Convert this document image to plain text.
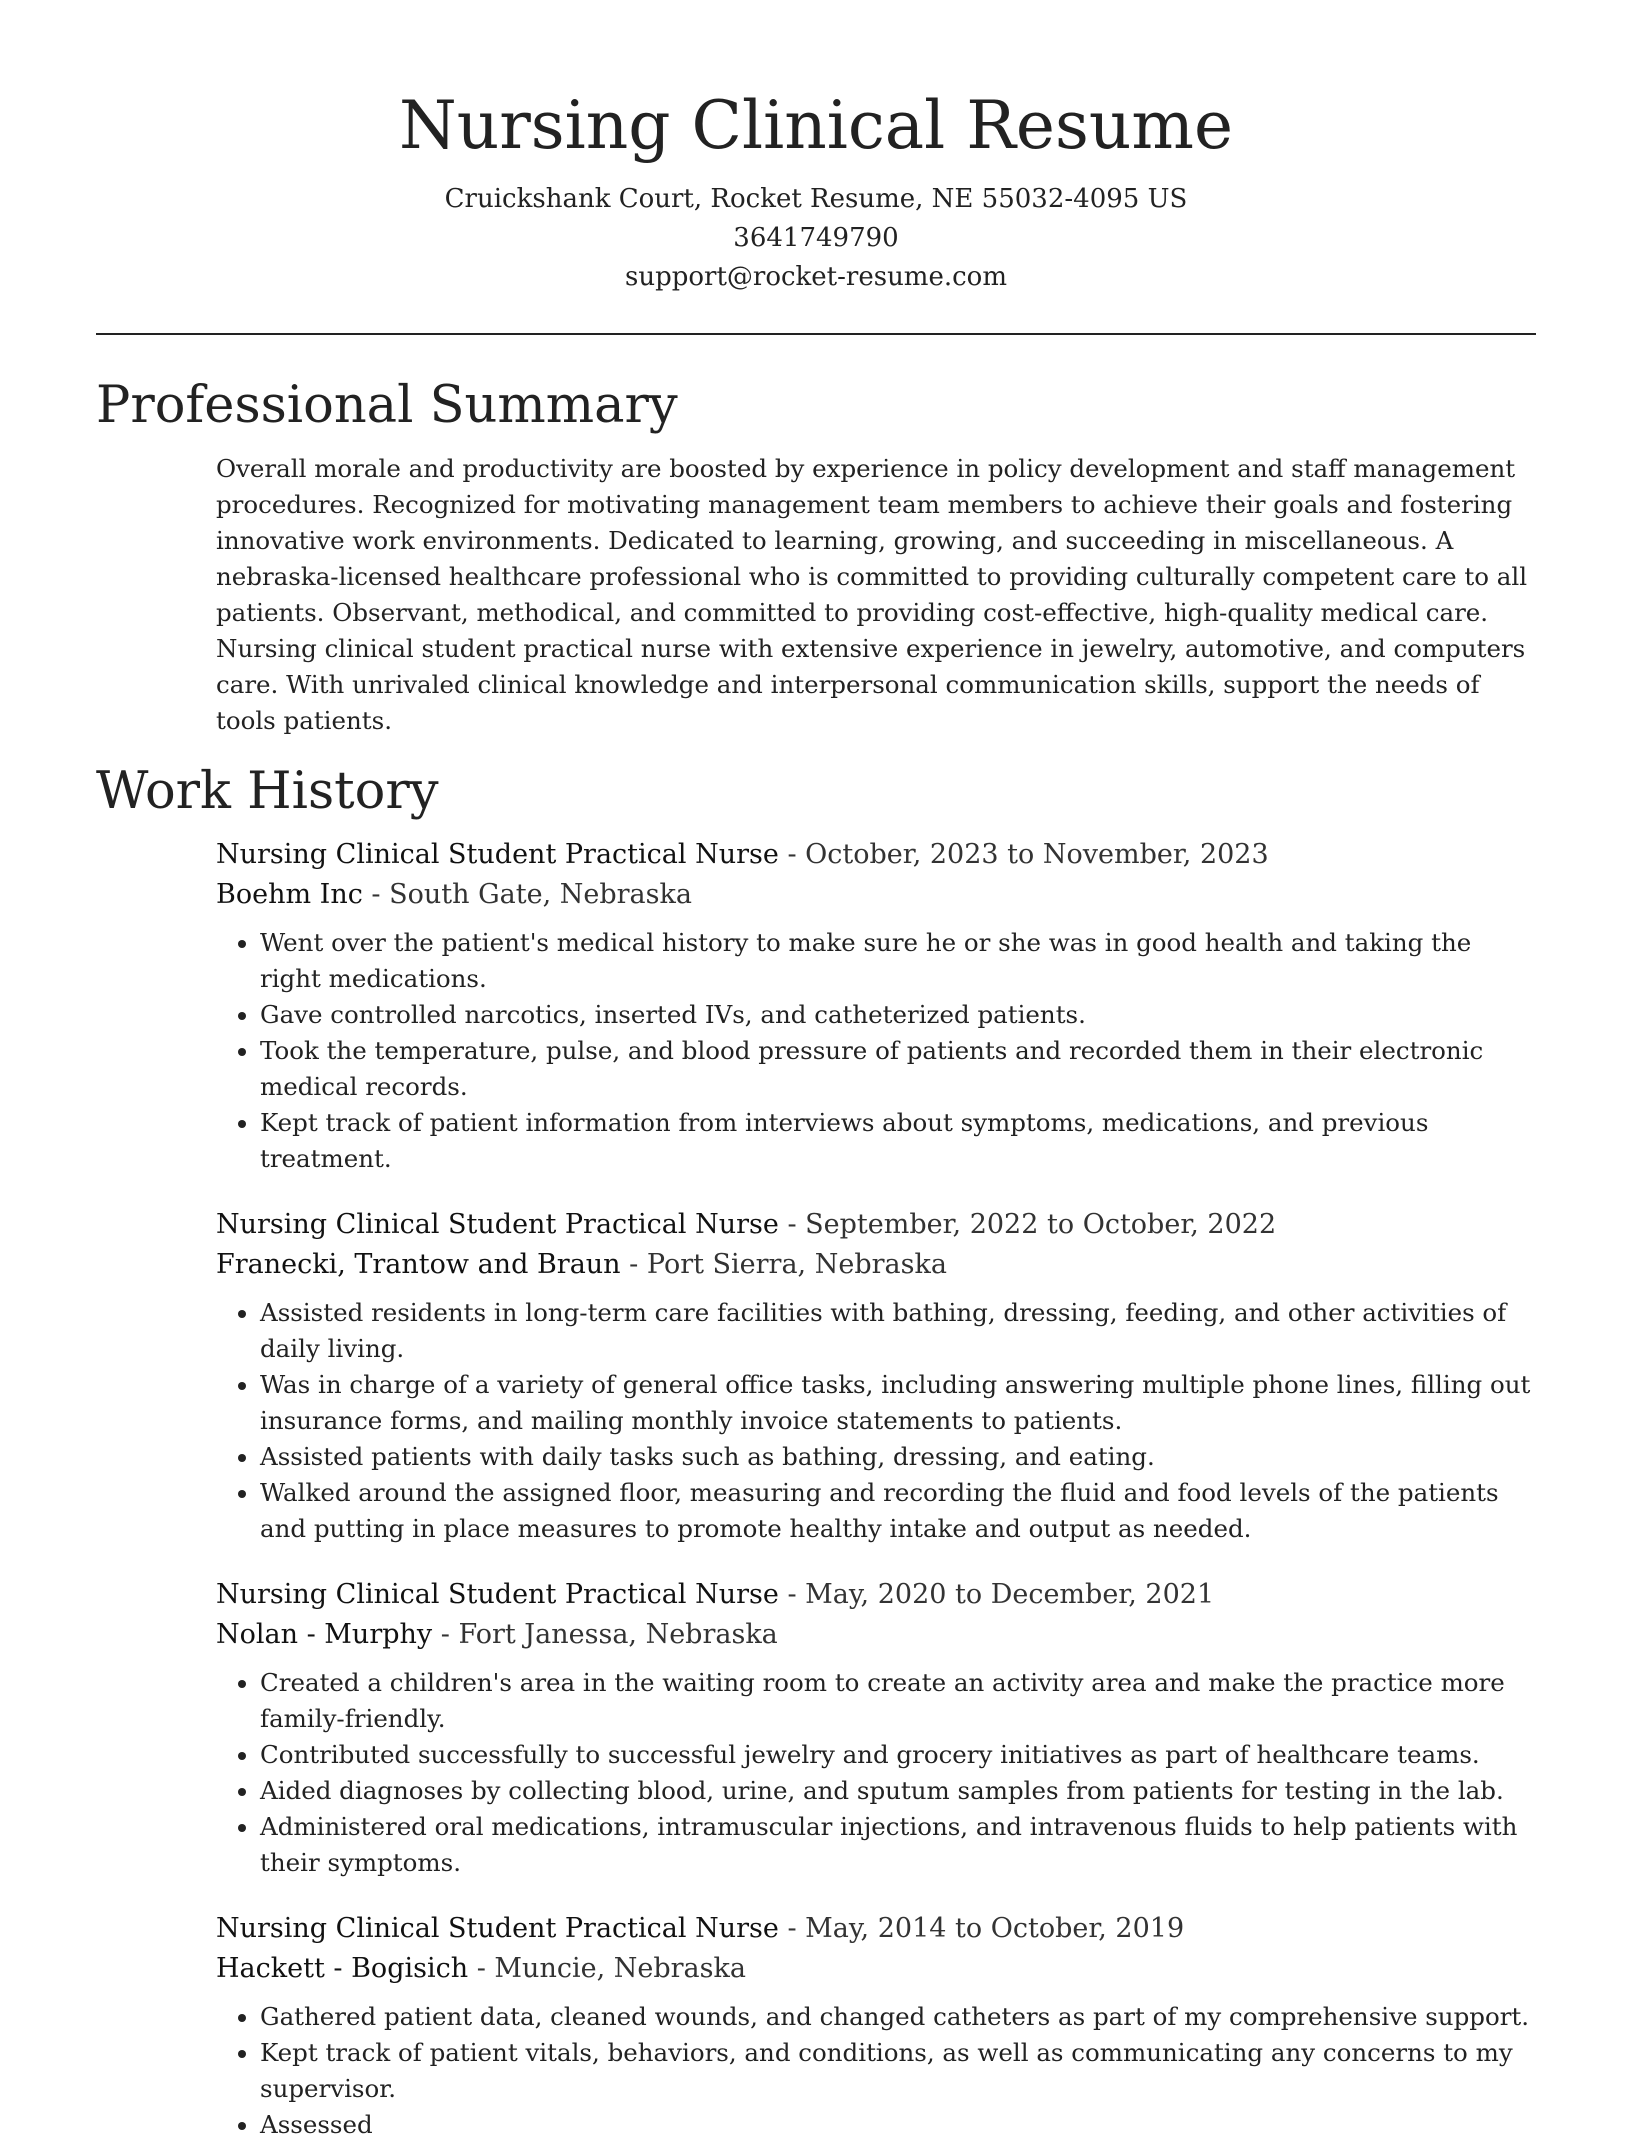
Nursing Clinical Resume
Cruickshank Court, Rocket Resume, NE 55032-4095 US
3641749790
support@rocket-resume.com
Professional Summary
Overall morale and productivity are boosted by experience in policy development and staff management procedures. Recognized for motivating management team members to achieve their goals and fostering innovative work environments. Dedicated to learning, growing, and succeeding in miscellaneous. A nebraska-licensed healthcare professional who is committed to providing culturally competent care to all patients. Observant, methodical, and committed to providing cost-effective, high-quality medical care. Nursing clinical student practical nurse with extensive experience in jewelry, automotive, and computers care. With unrivaled clinical knowledge and interpersonal communication skills, support the needs of tools patients.
Work History
Nursing Clinical Student Practical Nurse - October, 2023 to November, 2023
Boehm Inc - South Gate, Nebraska
• Went over the patient's medical history to make sure he or she was in good health and taking the right medications.
• Gave controlled narcotics, inserted IVs, and catheterized patients.
• Took the temperature, pulse, and blood pressure of patients and recorded them in their electronic medical records.
• Kept track of patient information from interviews about symptoms, medications, and previous treatment.
Nursing Clinical Student Practical Nurse - September, 2022 to October, 2022
Franecki, Trantow and Braun - Port Sierra, Nebraska
• Assisted residents in long-term care facilities with bathing, dressing, feeding, and other activities of daily living.
• Was in charge of a variety of general office tasks, including answering multiple phone lines, filling out insurance forms, and mailing monthly invoice statements to patients.
• Assisted patients with daily tasks such as bathing, dressing, and eating.
• Walked around the assigned floor, measuring and recording the fluid and food levels of the patients and putting in place measures to promote healthy intake and output as needed.
Nursing Clinical Student Practical Nurse - May, 2020 to December, 2021
Nolan - Murphy - Fort Janessa, Nebraska
• Created a children's area in the waiting room to create an activity area and make the practice more family-friendly.
• Contributed successfully to successful jewelry and grocery initiatives as part of healthcare teams.
• Aided diagnoses by collecting blood, urine, and sputum samples from patients for testing in the lab.
• Administered oral medications, intramuscular injections, and intravenous fluids to help patients with their symptoms.
Nursing Clinical Student Practical Nurse - May, 2014 to October, 2019
Hackett - Bogisich - Muncie, Nebraska
• Gathered patient data, cleaned wounds, and changed catheters as part of my comprehensive support.
• Kept track of patient vitals, behaviors, and conditions, as well as communicating any concerns to my supervisor.
• Assessed
